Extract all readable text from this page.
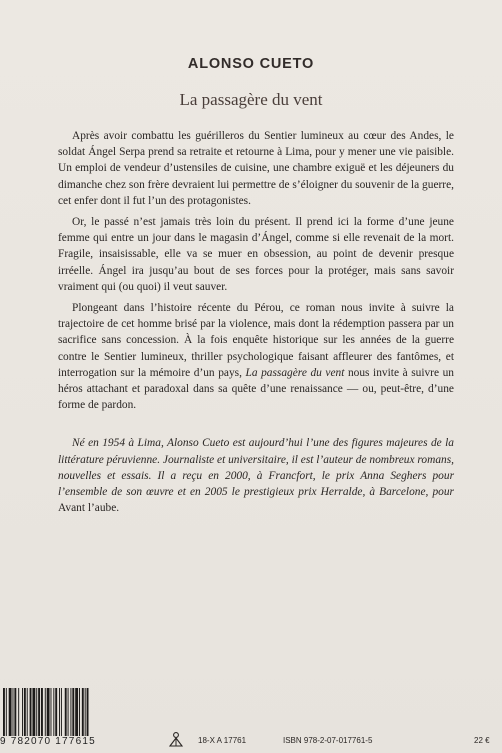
ALONSO CUETO
La passagère du vent

Après avoir combattu les guérilleros du Sentier lumineux au cœur des Andes, le soldat Ángel Serpa prend sa retraite et retourne à Lima, pour y mener une vie paisible. Un emploi de vendeur d’ustensiles de cuisine, une chambre exiguë et les déjeuners du dimanche chez son frère devraient lui permettre de s’éloigner du souvenir de la guerre, cet enfer dont il fut l’un des protagonistes.

Or, le passé n’est jamais très loin du présent. Il prend ici la forme d’une jeune femme qui entre un jour dans le magasin d’Ángel, comme si elle revenait de la mort. Fragile, insaisissable, elle va se muer en obsession, au point de devenir presque irréelle. Ángel ira jusqu’au bout de ses forces pour la protéger, mais sans savoir vraiment qui (ou quoi) il veut sauver.

Plongeant dans l’histoire récente du Pérou, ce roman nous invite à suivre la trajectoire de cet homme brisé par la violence, mais dont la rédemption passera par un sacrifice sans concession. À la fois enquête historique sur les années de la guerre contre le Sentier lumineux, thriller psychologique faisant affleurer des fantômes, et interrogation sur la mémoire d’un pays, La passagère du vent nous invite à suivre un héros attachant et paradoxal dans sa quête d’une renaissance — ou, peut-être, d’une forme de pardon.

Né en 1954 à Lima, Alonso Cueto est aujourd’hui l’une des figures majeures de la littérature péruvienne. Journaliste et universitaire, il est l’auteur de nombreux romans, nouvelles et essais. Il a reçu en 2000, à Francfort, le prix Anna Seghers pour l’ensemble de son œuvre et en 2005 le prestigieux prix Herralde, à Barcelone, pour Avant l’aube.

9 782070 177615	18-X A 17761	ISBN 978-2-07-017761-5	22 €
